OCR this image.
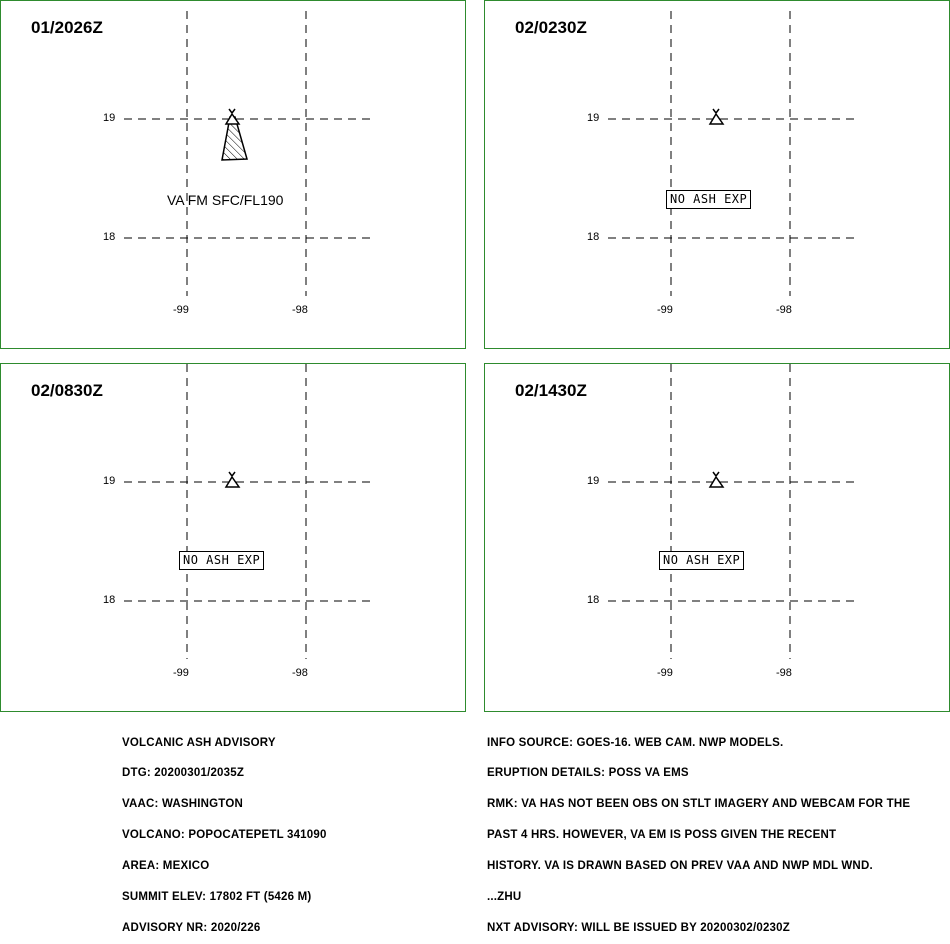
01/2026Z
19
18
-99	-98
VA FM SFC/FL190
02/0230Z
19
18
-99	-98
NO ASH EXP
02/0830Z
19
18
-99	-98
NO ASH EXP
02/1430Z
19
18
-99	-98
NO ASH EXP

VOLCANIC ASH ADVISORY

DTG: 20200301/2035Z

VAAC: WASHINGTON

VOLCANO: POPOCATEPETL 341090

AREA: MEXICO

SUMMIT ELEV: 17802 FT (5426 M)

ADVISORY NR: 2020/226

INFO SOURCE: GOES-16. WEB CAM. NWP MODELS.

ERUPTION DETAILS: POSS VA EMS

RMK: VA HAS NOT BEEN OBS ON STLT IMAGERY AND WEBCAM FOR THE

PAST 4 HRS. HOWEVER, VA EM IS POSS GIVEN THE RECENT

HISTORY. VA IS DRAWN BASED ON PREV VAA AND NWP MDL WND.

...ZHU

NXT ADVISORY: WILL BE ISSUED BY 20200302/0230Z
